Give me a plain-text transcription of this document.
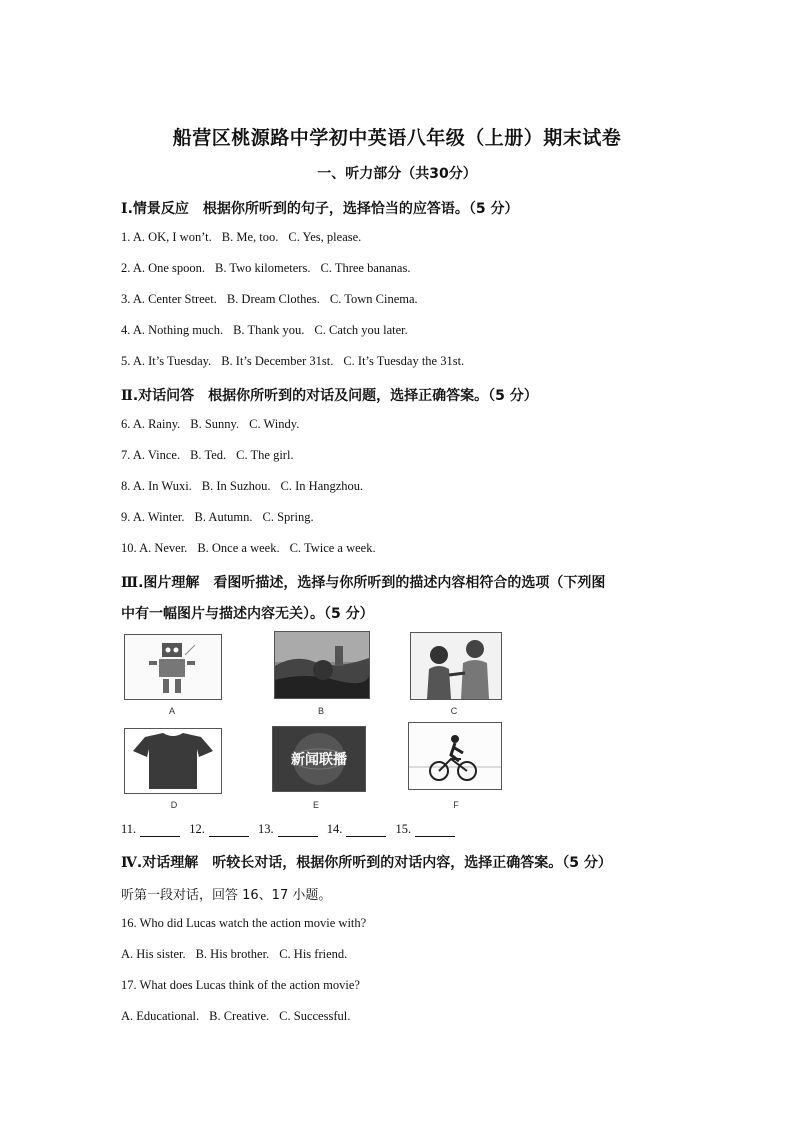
船营区桃源路中学初中英语八年级（上册）期末试卷
一、听力部分（共30分）
Ⅰ.情景反应　根据你所听到的句子，选择恰当的应答语。（5 分）
1. A. OK, I won’t. B. Me, too. C. Yes, please.
2. A. One spoon. B. Two kilometers. C. Three bananas.
3. A. Center Street. B. Dream Clothes. C. Town Cinema.
4. A. Nothing much. B. Thank you. C. Catch you later.
5. A. It’s Tuesday. B. It’s December 31st. C. It’s Tuesday the 31st.
Ⅱ.对话问答　根据你所听到的对话及问题，选择正确答案。（5 分）
6. A. Rainy. B. Sunny. C. Windy.
7. A. Vince. B. Ted. C. The girl.
8. A. In Wuxi. B. In Suzhou. C. In Hangzhou.
9. A. Winter. B. Autumn. C. Spring.
10. A. Never. B. Once a week. C. Twice a week.
Ⅲ.图片理解　看图听描述，选择与你所听到的描述内容相符合的选项（下列图
中有一幅图片与描述内容无关）。（5 分）
A	B	C
D
新闻联播
E	F
11.	12.	13.	14.	15.
Ⅳ.对话理解　听较长对话，根据你所听到的对话内容，选择正确答案。（5 分）
听第一段对话，回答 16、17 小题。
16. Who did Lucas watch the action movie with?
A. His sister. B. His brother. C. His friend.
17. What does Lucas think of the action movie?
A. Educational. B. Creative. C. Successful.
